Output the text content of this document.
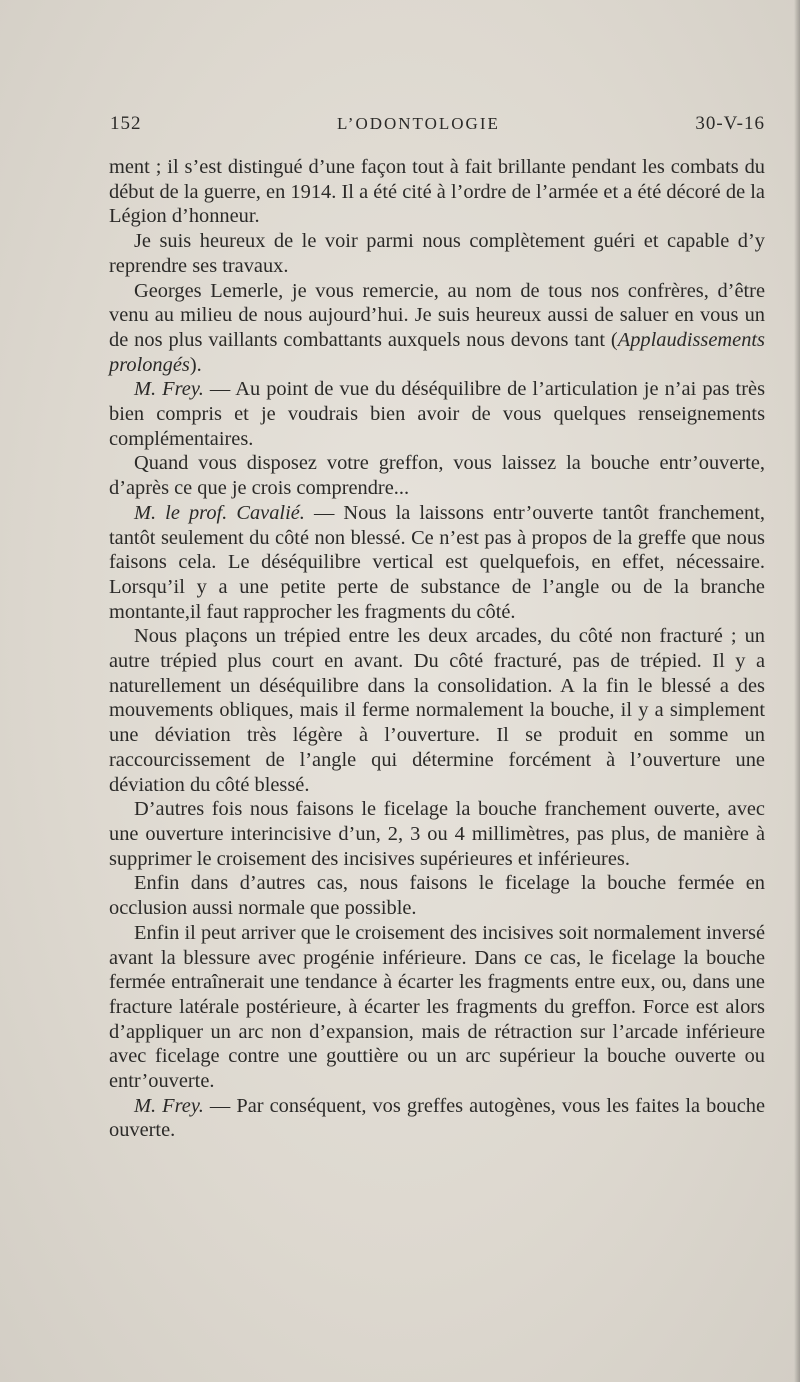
152	L’ODONTOLOGIE	30-V-16

ment ; il s’est distingué d’une façon tout à fait brillante pendant les combats du début de la guerre, en 1914. Il a été cité à l’ordre de l’armée et a été décoré de la Légion d’honneur.

Je suis heureux de le voir parmi nous complètement guéri et capable d’y reprendre ses travaux.

Georges Lemerle, je vous remercie, au nom de tous nos confrères, d’être venu au milieu de nous aujourd’hui. Je suis heureux aussi de saluer en vous un de nos plus vaillants combattants auxquels nous devons tant (Applaudissements prolongés).

M. Frey. — Au point de vue du déséquilibre de l’articulation je n’ai pas très bien compris et je voudrais bien avoir de vous quelques renseignements complémentaires.

Quand vous disposez votre greffon, vous laissez la bouche entr’ouverte, d’après ce que je crois comprendre...

M. le prof. Cavalié. — Nous la laissons entr’ouverte tantôt franchement, tantôt seulement du côté non blessé. Ce n’est pas à propos de la greffe que nous faisons cela. Le déséquilibre vertical est quelquefois, en effet, nécessaire. Lorsqu’il y a une petite perte de substance de l’angle ou de la branche montante,il faut rapprocher les fragments du côté.

Nous plaçons un trépied entre les deux arcades, du côté non fracturé ; un autre trépied plus court en avant. Du côté fracturé, pas de trépied. Il y a naturellement un déséquilibre dans la consolidation. A la fin le blessé a des mouvements obliques, mais il ferme normalement la bouche, il y a simplement une déviation très légère à l’ouverture. Il se produit en somme un raccourcissement de l’angle qui détermine forcément à l’ouverture une déviation du côté blessé.

D’autres fois nous faisons le ficelage la bouche franchement ouverte, avec une ouverture interincisive d’un, 2, 3 ou 4 millimètres, pas plus, de manière à supprimer le croisement des incisives supérieures et inférieures.

Enfin dans d’autres cas, nous faisons le ficelage la bouche fermée en occlusion aussi normale que possible.

Enfin il peut arriver que le croisement des incisives soit normalement inversé avant la blessure avec progénie inférieure. Dans ce cas, le ficelage la bouche fermée entraînerait une tendance à écarter les fragments entre eux, ou, dans une fracture latérale postérieure, à écarter les fragments du greffon. Force est alors d’appliquer un arc non d’expansion, mais de rétraction sur l’arcade inférieure avec ficelage contre une gouttière ou un arc supérieur la bouche ouverte ou entr’ouverte.

M. Frey. — Par conséquent, vos greffes autogènes, vous les faites la bouche ouverte.
